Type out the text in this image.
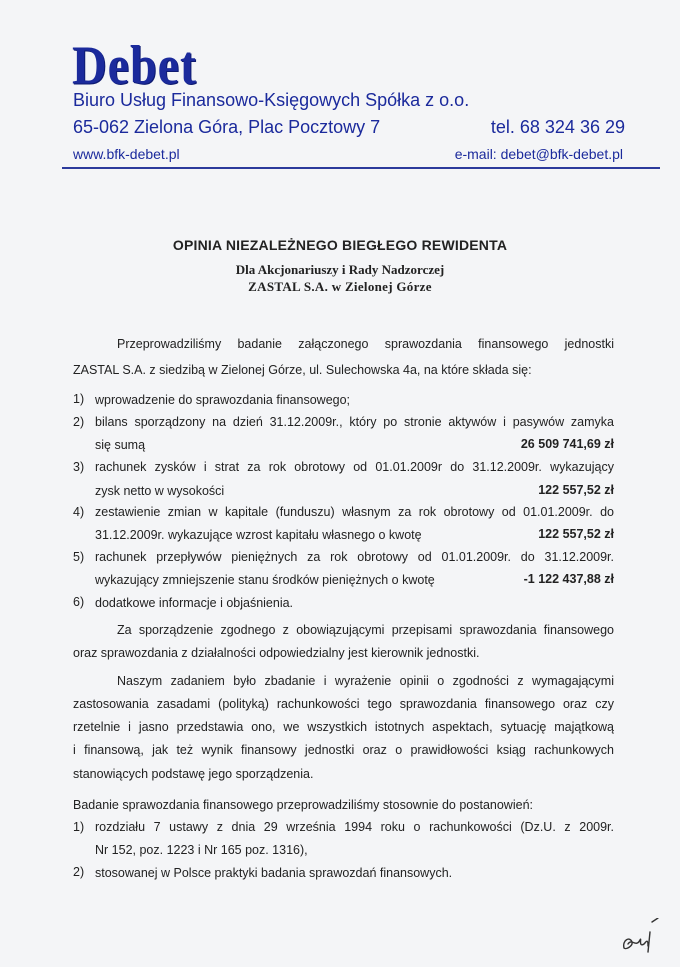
Debet
Biuro Usług Finansowo-Księgowych Spółka z o.o.
65-062 Zielona Góra, Plac Pocztowy 7	tel. 68 324 36 29
www.bfk-debet.pl	e-mail: debet@bfk-debet.pl
OPINIA NIEZALEŻNEGO BIEGŁEGO REWIDENTA
Dla Akcjonariuszy i Rady Nadzorczej
ZASTAL S.A. w Zielonej Górze
Przeprowadziliśmy badanie załączonego sprawozdania finansowego jednostki
ZASTAL S.A. z siedzibą w Zielonej Górze, ul. Sulechowska 4a, na które składa się:
1) wprowadzenie do sprawozdania finansowego;
2) bilans sporządzony na dzień 31.12.2009r., który po stronie aktywów i pasywów zamyka
się sumą	26 509 741,69 zł
3) rachunek zysków i strat za rok obrotowy od 01.01.2009r do 31.12.2009r. wykazujący
zysk netto w wysokości	122 557,52 zł
4) zestawienie zmian w kapitale (funduszu) własnym za rok obrotowy od 01.01.2009r. do
31.12.2009r. wykazujące wzrost kapitału własnego o kwotę	122 557,52 zł
5) rachunek przepływów pieniężnych za rok obrotowy od 01.01.2009r. do 31.12.2009r.
wykazujący zmniejszenie stanu środków pieniężnych o kwotę	-1 122 437,88 zł
6) dodatkowe informacje i objaśnienia.
Za sporządzenie zgodnego z obowiązującymi przepisami sprawozdania finansowego
oraz sprawozdania z działalności odpowiedzialny jest kierownik jednostki.
Naszym zadaniem było zbadanie i wyrażenie opinii o zgodności z wymagającymi
zastosowania zasadami (polityką) rachunkowości tego sprawozdania finansowego oraz czy
rzetelnie i jasno przedstawia ono, we wszystkich istotnych aspektach, sytuację majątkową
i finansową, jak też wynik finansowy jednostki oraz o prawidłowości ksiąg rachunkowych
stanowiących podstawę jego sporządzenia.
Badanie sprawozdania finansowego przeprowadziliśmy stosownie do postanowień:
1) rozdziału 7 ustawy z dnia 29 września 1994 roku o rachunkowości (Dz.U. z 2009r.
Nr 152, poz. 1223 i Nr 165 poz. 1316),
2) stosowanej w Polsce praktyki badania sprawozdań finansowych.
